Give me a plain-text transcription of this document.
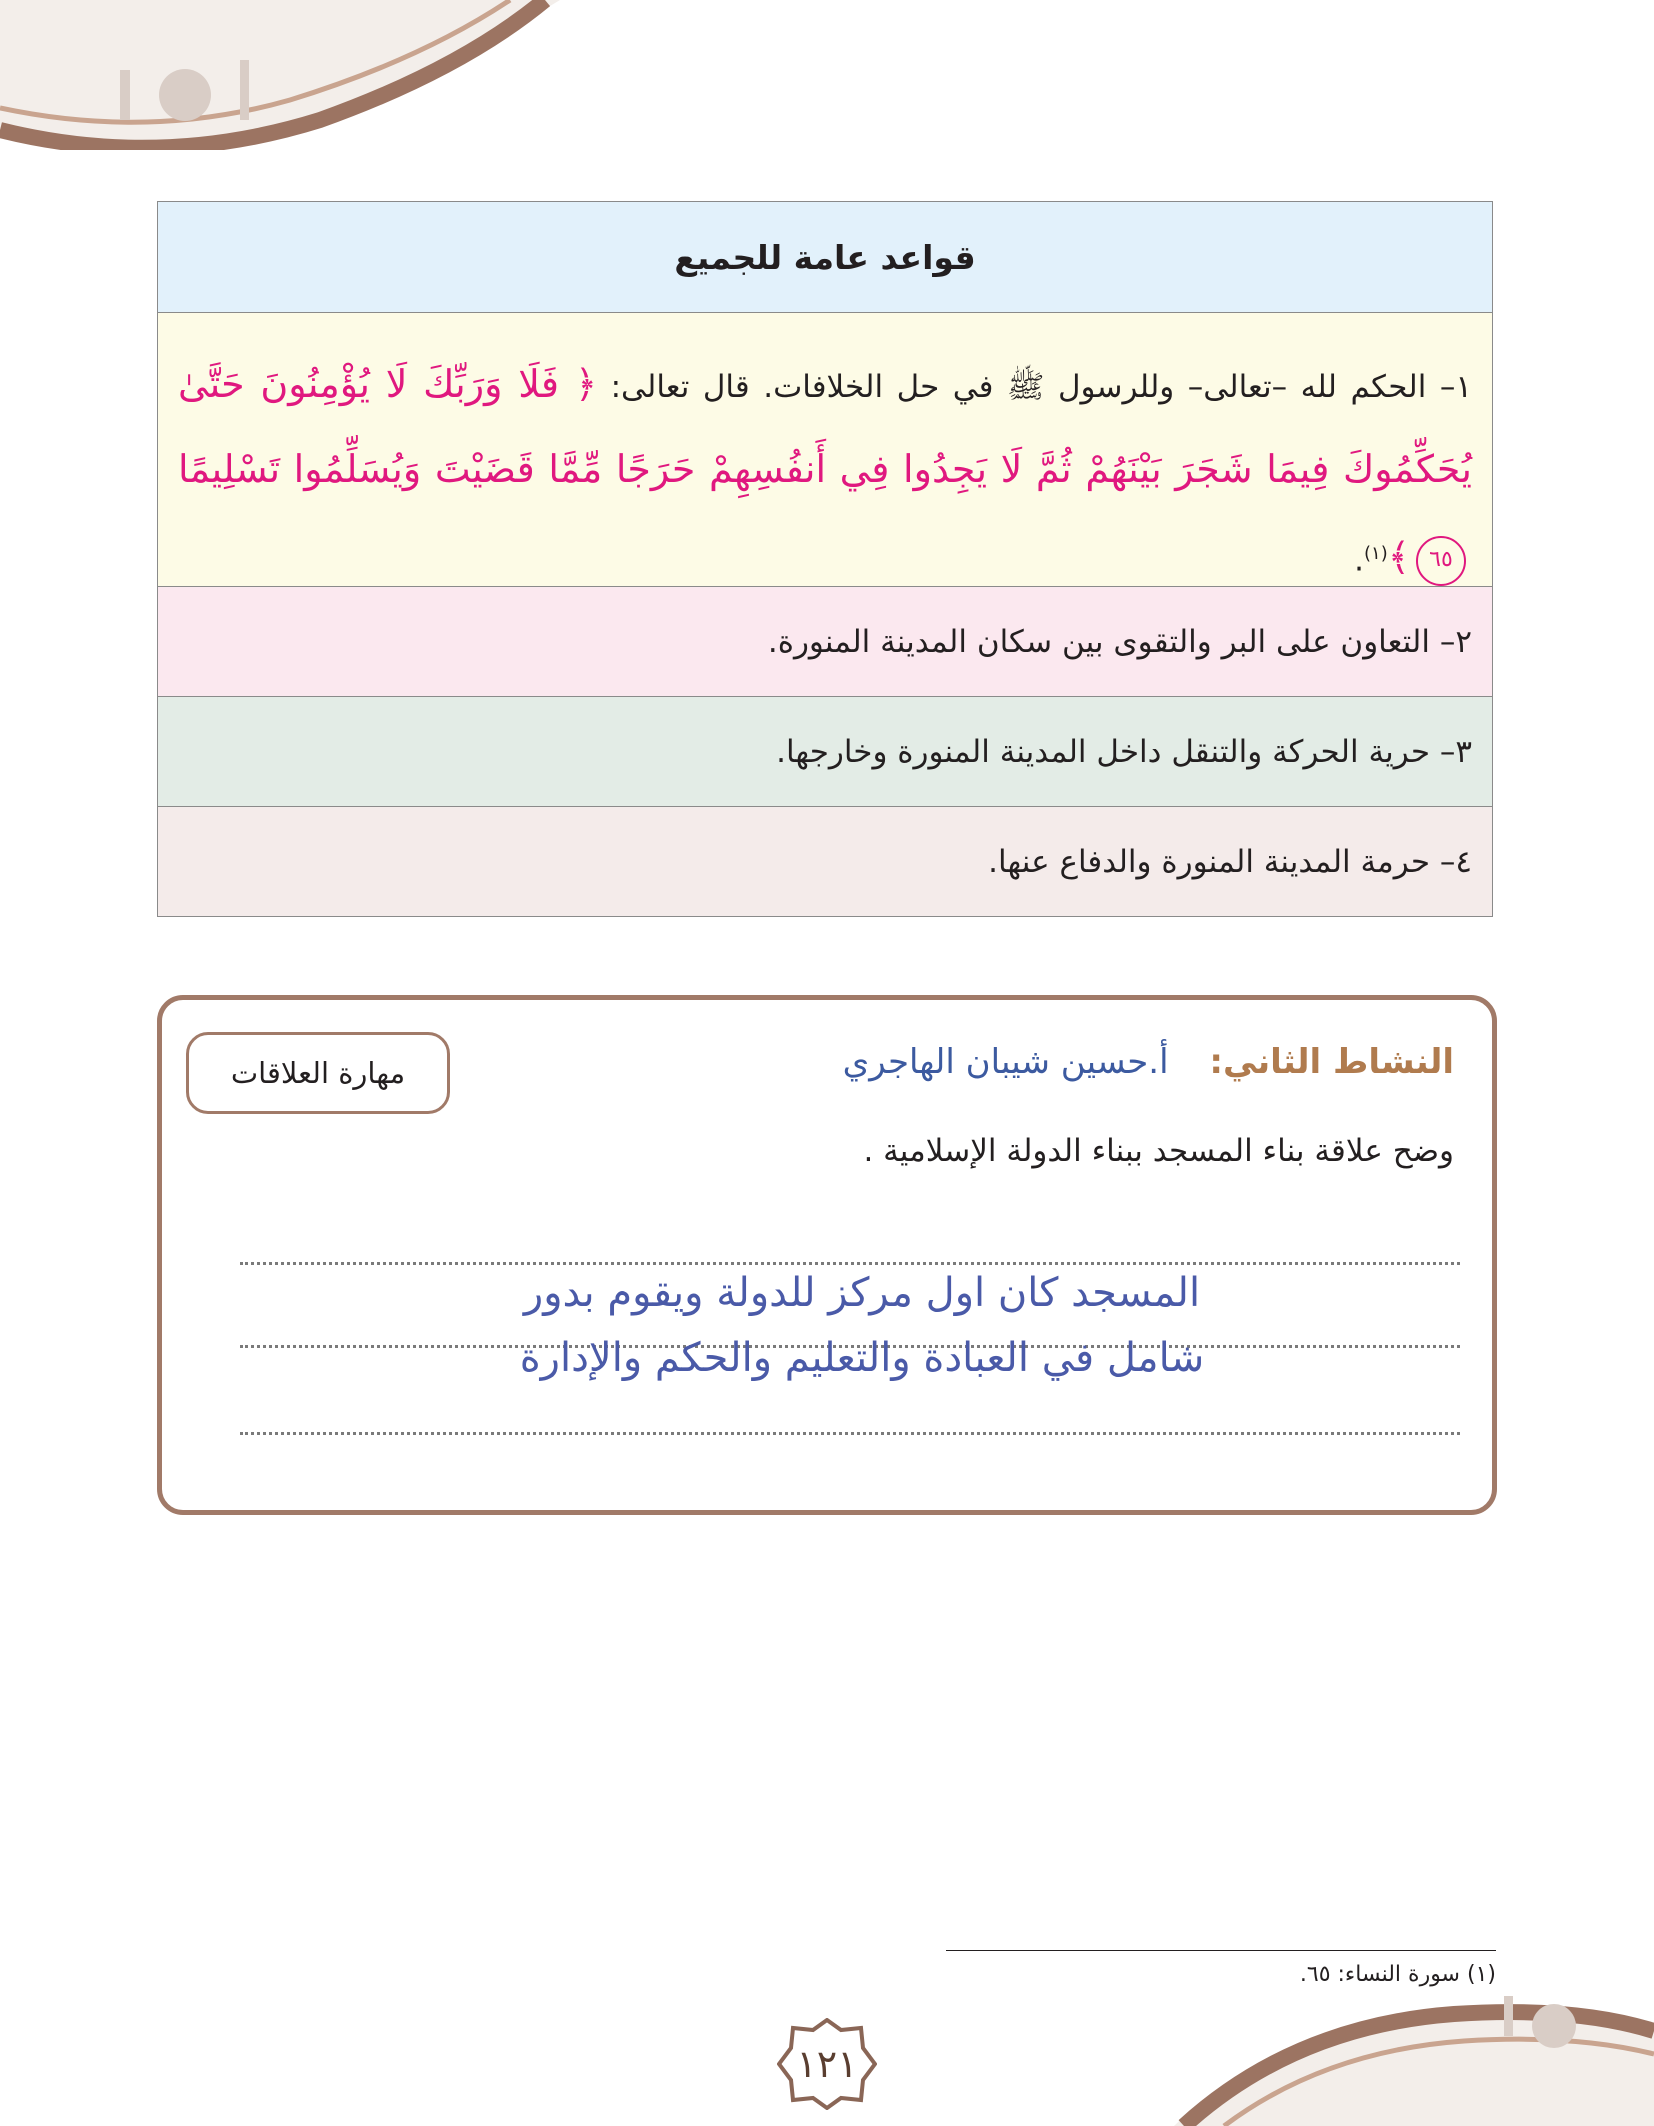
قواعد عامة للجميع

١– الحكم لله –تعالى– وللرسول ﷺ في حل الخلافات. قال تعالى: ﴿ فَلَا وَرَبِّكَ لَا يُؤْمِنُونَ حَتَّىٰ يُحَكِّمُوكَ فِيمَا شَجَرَ بَيْنَهُمْ ثُمَّ لَا يَجِدُوا فِي أَنفُسِهِمْ حَرَجًا مِّمَّا قَضَيْتَ وَيُسَلِّمُوا تَسْلِيمًا ٦٥﴾$^{(١)}$.

٢– التعاون على البر والتقوى بين سكان المدينة المنورة.
٣– حرية الحركة والتنقل داخل المدينة المنورة وخارجها.
٤– حرمة المدينة المنورة والدفاع عنها.
مهارة العلاقات	النشاط الثاني: أ.حسين شيبان الهاجري
وضح علاقة بناء المسجد ببناء الدولة الإسلامية .
المسجد كان اول مركز للدولة ويقوم بدور
شامل في العبادة والتعليم والحكم والإدارة
(١) سورة النساء: ٦٥.
١٢١
